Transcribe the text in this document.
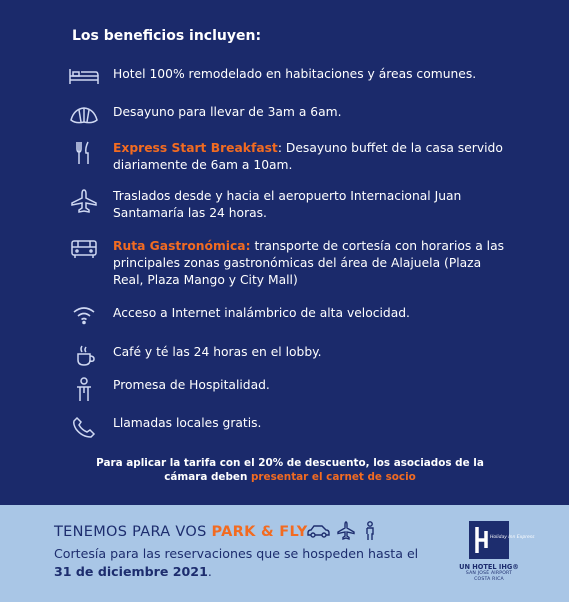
Los beneficios incluyen:
Hotel 100% remodelado en habitaciones y áreas comunes.
Desayuno para llevar de 3am a 6am.
Express Start Breakfast: Desayuno buffet de la casa servido diariamente de 6am a 10am.
Traslados desde y hacia el aeropuerto Internacional Juan Santamaría las 24 horas.
Ruta Gastronómica: transporte de cortesía con horarios a las principales zonas gastronómicas del área de Alajuela (Plaza Real, Plaza Mango y City Mall)
Acceso a Internet inalámbrico de alta velocidad.
Café y té las 24 horas en el lobby.
Promesa de Hospitalidad.
Llamadas locales gratis.
Para aplicar la tarifa con el 20% de descuento, los asociados de la cámara deben presentar el carnet de socio
TENEMOS PARA VOS PARK & FLY
Cortesía para las reservaciones que se hospeden hasta el
31 de diciembre 2021.
Holiday Inn Express
UN HOTEL IHG®
SAN JOSÉ AIRPORT
COSTA RICA
